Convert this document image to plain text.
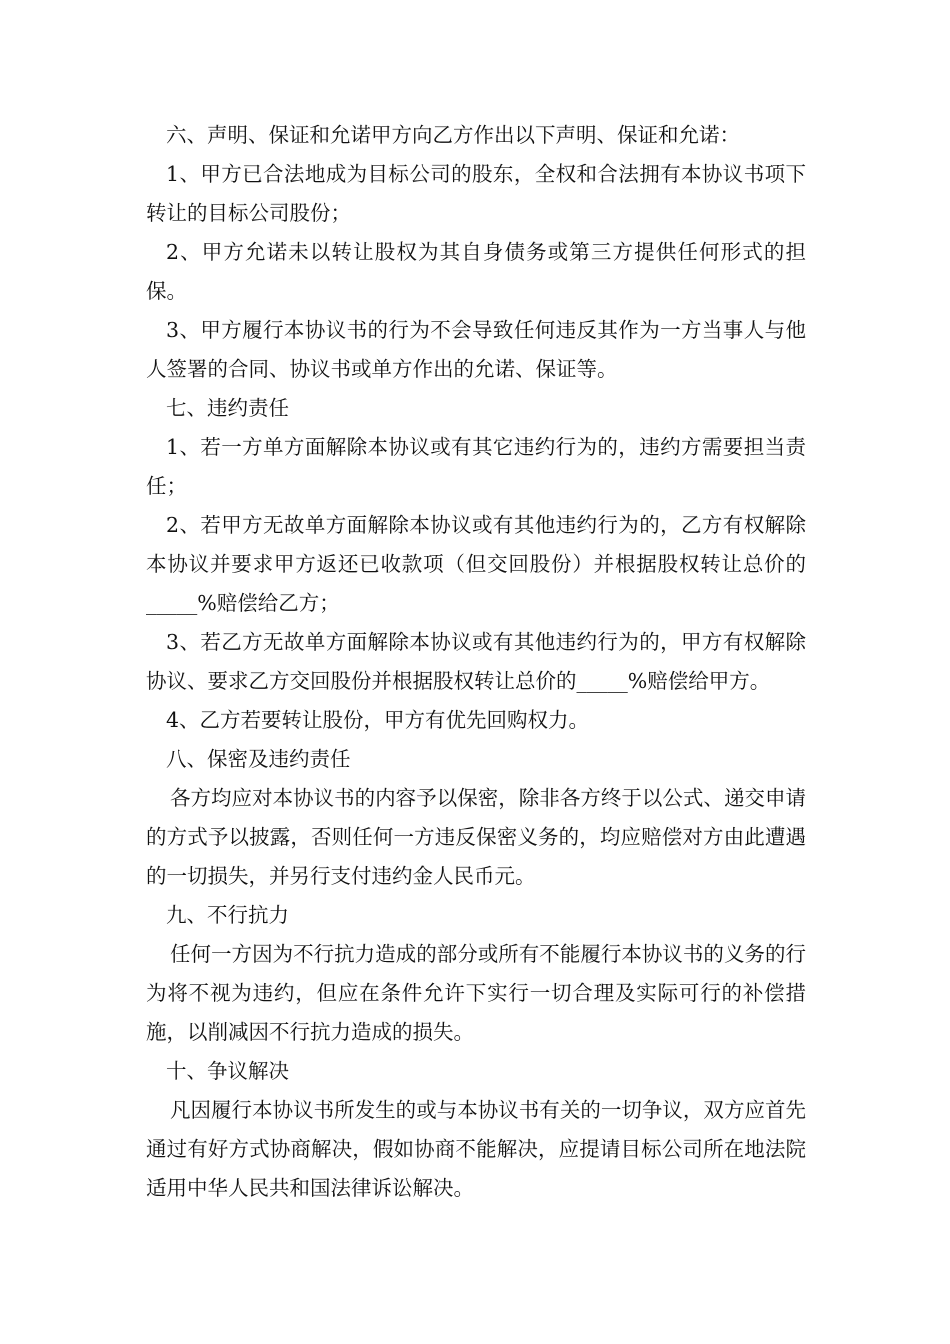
六、声明、保证和允诺甲方向乙方作出以下声明、保证和允诺：

1、甲方已合法地成为目标公司的股东，全权和合法拥有本协议书项下转让的目标公司股份；

2、甲方允诺未以转让股权为其自身债务或第三方提供任何形式的担保。

3、甲方履行本协议书的行为不会导致任何违反其作为一方当事人与他人签署的合同、协议书或单方作出的允诺、保证等。

七、违约责任

1、若一方单方面解除本协议或有其它违约行为的，违约方需要担当责任；

2、若甲方无故单方面解除本协议或有其他违约行为的，乙方有权解除本协议并要求甲方返还已收款项（但交回股份）并根据股权转让总价的_____%赔偿给乙方；

3、若乙方无故单方面解除本协议或有其他违约行为的，甲方有权解除协议、要求乙方交回股份并根据股权转让总价的_____%赔偿给甲方。

4、乙方若要转让股份，甲方有优先回购权力。

八、保密及违约责任

各方均应对本协议书的内容予以保密，除非各方终于以公式、递交申请的方式予以披露，否则任何一方违反保密义务的，均应赔偿对方由此遭遇的一切损失，并另行支付违约金人民币元。

九、不行抗力

任何一方因为不行抗力造成的部分或所有不能履行本协议书的义务的行为将不视为违约，但应在条件允许下实行一切合理及实际可行的补偿措施，以削减因不行抗力造成的损失。

十、争议解决

凡因履行本协议书所发生的或与本协议书有关的一切争议，双方应首先通过有好方式协商解决，假如协商不能解决，应提请目标公司所在地法院适用中华人民共和国法律诉讼解决。
